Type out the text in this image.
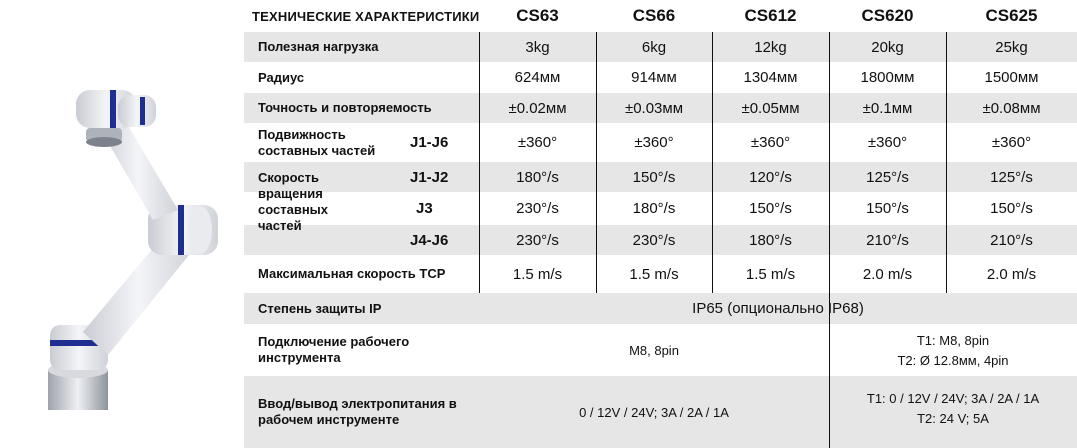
ТЕХНИЧЕСКИЕ ХАРАКТЕРИСТИКИ	CS63	CS66	CS612	CS620	CS625
Полезная нагрузка	3kg	6kg	12kg	20kg	25kg
Радиус	624мм	914мм	1304мм	1800мм	1500мм
Точность и повторяемость	±0.02мм	±0.03мм	±0.05мм	±0.1мм	±0.08мм
Подвижность составных частей	J1-J6	±360°	±360°	±360°	±360°	±360°
Скорость вращения составных частей
J1-J2	180°/s	150°/s	120°/s	125°/s	125°/s
J3	230°/s	180°/s	150°/s	150°/s	150°/s
J4-J6	230°/s	230°/s	180°/s	210°/s	210°/s
Максимальная скорость TCP	1.5 m/s	1.5 m/s	1.5 m/s	2.0 m/s	2.0 m/s
Степень защиты IP	IP65 (опционально IP68)
Подключение рабочего инструмента	M8, 8pin
T1: M8, 8pin
T2: Ø 12.8мм, 4pin
Ввод/вывод электропитания в рабочем инструменте	0 / 12V / 24V; 3A / 2A / 1A
T1: 0 / 12V / 24V; 3A / 2A / 1A
T2: 24 V; 5A
